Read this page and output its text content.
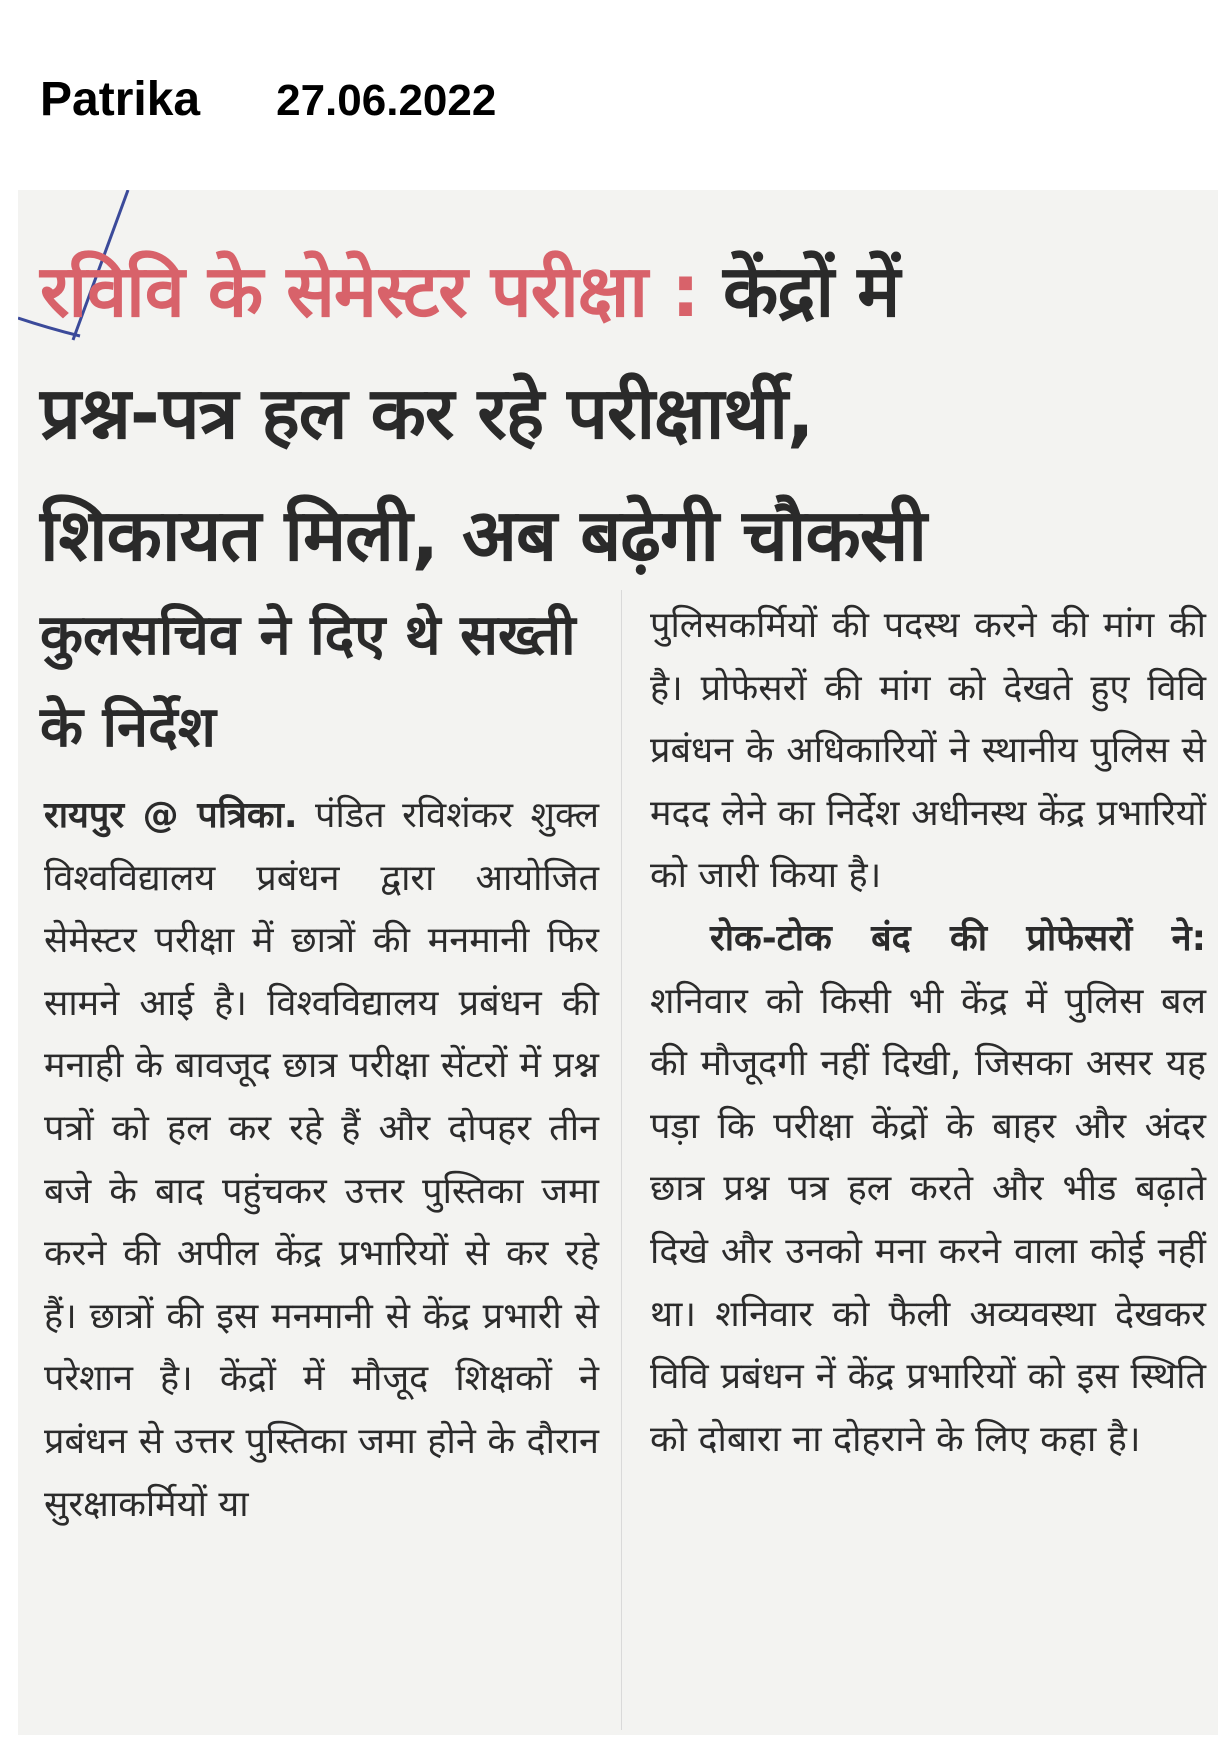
Patrika 27.06.2022
रविवि के सेमेस्टर परीक्षा : केंद्रों में
प्रश्न-पत्र हल कर रहे परीक्षार्थी,
शिकायत मिली, अब बढ़ेगी चौकसी
कुलसचिव ने दिए थे सख्ती के निर्देश
रायपुर @ पत्रिका. पंडित रविशंकर शुक्ल विश्वविद्यालय प्रबंधन द्वारा आयोजित सेमेस्टर परीक्षा में छात्रों की मनमानी फिर सामने आई है। विश्वविद्यालय प्रबंधन की मनाही के बावजूद छात्र परीक्षा सेंटरों में प्रश्न पत्रों को हल कर रहे हैं और दोपहर तीन बजे के बाद पहुंचकर उत्तर पुस्तिका जमा करने की अपील केंद्र प्रभारियों से कर रहे हैं। छात्रों की इस मनमानी से केंद्र प्रभारी से परेशान है। केंद्रों में मौजूद शिक्षकों ने प्रबंधन से उत्तर पुस्तिका जमा होने के दौरान सुरक्षाकर्मियों या
पुलिसकर्मियों की पदस्थ करने की मांग की है। प्रोफेसरों की मांग को देखते हुए विवि प्रबंधन के अधिकारियों ने स्थानीय पुलिस से मदद लेने का निर्देश अधीनस्थ केंद्र प्रभारियों को जारी किया है।
रोक-टोक बंद की प्रोफेसरों ने: शनिवार को किसी भी केंद्र में पुलिस बल की मौजूदगी नहीं दिखी, जिसका असर यह पड़ा कि परीक्षा केंद्रों के बाहर और अंदर छात्र प्रश्न पत्र हल करते और भीड बढ़ाते दिखे और उनको मना करने वाला कोई नहीं था। शनिवार को फैली अव्यवस्था देखकर विवि प्रबंधन नें केंद्र प्रभारियों को इस स्थिति को दोबारा ना दोहराने के लिए कहा है।
